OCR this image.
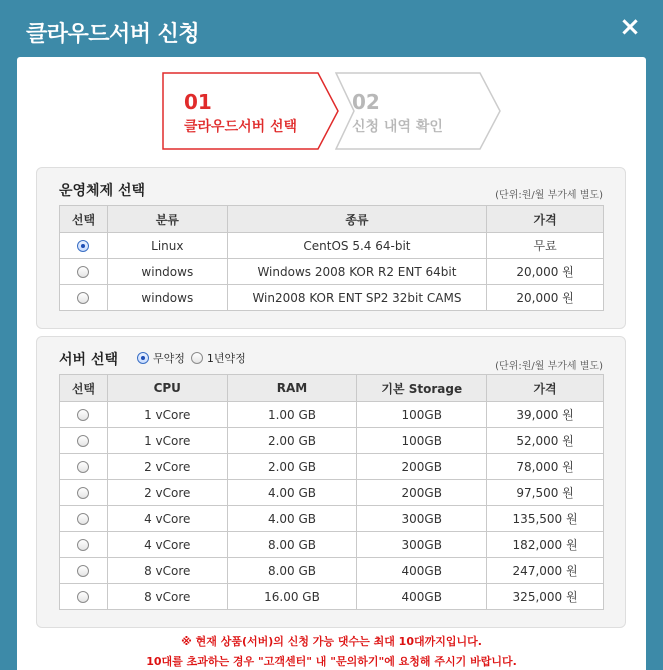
클라우드서버 신청	×
01
클라우드서버 선택
02
신청 내역 확인
운영체제 선택	(단위:원/월 부가세 별도)
선택	분류	종류	가격
	Linux	CentOS 5.4 64-bit	무료
	windows	Windows 2008 KOR R2 ENT 64bit	20,000 원
	windows	Win2008 KOR ENT SP2 32bit CAMS	20,000 원
서버 선택	무약정 1년약정
(단위:원/월 부가세 별도)
선택	CPU	RAM	기본 Storage	가격
	1 vCore	1.00 GB	100GB	39,000 원
	1 vCore	2.00 GB	100GB	52,000 원
	2 vCore	2.00 GB	200GB	78,000 원
	2 vCore	4.00 GB	200GB	97,500 원
	4 vCore	4.00 GB	300GB	135,500 원
	4 vCore	8.00 GB	300GB	182,000 원
	8 vCore	8.00 GB	400GB	247,000 원
	8 vCore	16.00 GB	400GB	325,000 원
※ 현재 상품(서버)의 신청 가능 댓수는 최대 10대까지입니다.
10대를 초과하는 경우 "고객센터" 내 "문의하기"에 요청해 주시기 바랍니다.
